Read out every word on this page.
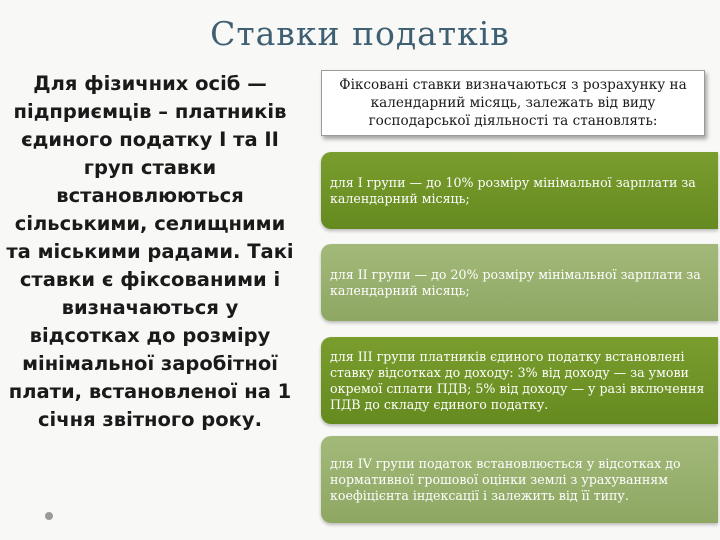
Ставки податків
Для фізичних осіб — підприємців – платників єдиного податку I та II груп ставки встановлюються сільськими, селищними та міськими радами. Такі ставки є фіксованими і визначаються у відсотках до розміру мінімальної заробітної плати, встановленої на 1 січня звітного року.
Фіксовані ставки визначаються з розрахунку на календарний місяць, залежать від виду господарської діяльності та становлять:
для I групи — до 10% розміру мінімальної зарплати за календарний місяць;
для II групи — до 20% розміру мінімальної зарплати за календарний місяць;
для III групи платників єдиного податку встановлені ставку відсотках до доходу: 3% від доходу — за умови окремої сплати ПДВ; 5% від доходу — у разі включення ПДВ до складу єдиного податку.
для IV групи податок встановлюється у відсотках до нормативної грошової оцінки землі з урахуванням коефіцієнта індексації і залежить від її типу.
